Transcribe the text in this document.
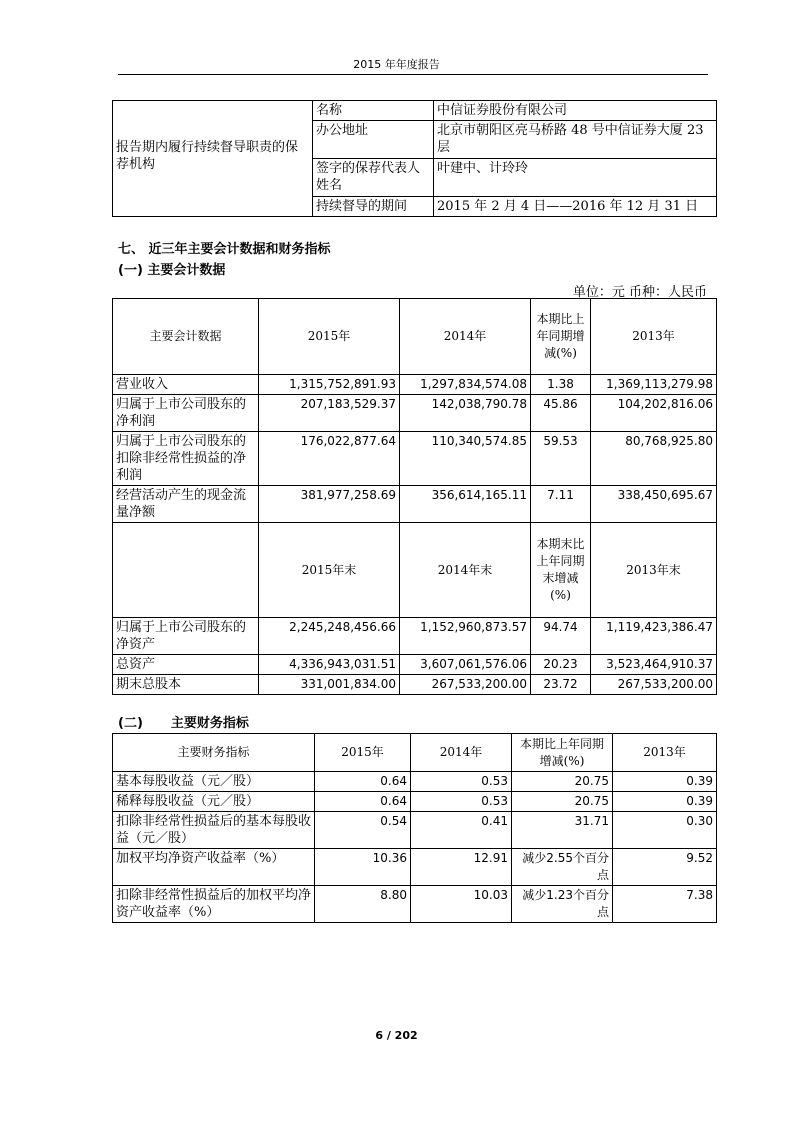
2015 年年度报告
报告期内履行持续督导职责的保荐机构	名称	中信证券股份有限公司
	办公地址	北京市朝阳区亮马桥路 48 号中信证券大厦 23 层
	签字的保荐代表人姓名	叶建中、计玲玲
	持续督导的期间	2015 年 2 月 4 日——2016 年 12 月 31 日
七、 近三年主要会计数据和财务指标
(一) 主要会计数据
单位：元 币种：人民币
主要会计数据	2015年	2014年	本期比上年同期增减(%)	2013年
营业收入	1,315,752,891.93	1,297,834,574.08	1.38	1,369,113,279.98
归属于上市公司股东的净利润	207,183,529.37	142,038,790.78	45.86	104,202,816.06
归属于上市公司股东的扣除非经常性损益的净利润	176,022,877.64	110,340,574.85	59.53	80,768,925.80
经营活动产生的现金流量净额	381,977,258.69	356,614,165.11	7.11	338,450,695.67
	2015年末	2014年末	本期末比上年同期末增减(%)	2013年末
归属于上市公司股东的净资产	2,245,248,456.66	1,152,960,873.57	94.74	1,119,423,386.47
总资产	4,336,943,031.51	3,607,061,576.06	20.23	3,523,464,910.37
期末总股本	331,001,834.00	267,533,200.00	23.72	267,533,200.00
(二) 主要财务指标
主要财务指标	2015年	2014年	本期比上年同期增减(%)	2013年
基本每股收益（元／股）	0.64	0.53	20.75	0.39
稀释每股收益（元／股）	0.64	0.53	20.75	0.39
扣除非经常性损益后的基本每股收益（元／股）	0.54	0.41	31.71	0.30
加权平均净资产收益率（%）	10.36	12.91	减少2.55个百分点	9.52
扣除非经常性损益后的加权平均净资产收益率（%）	8.80	10.03	减少1.23个百分点	7.38
6 / 202
